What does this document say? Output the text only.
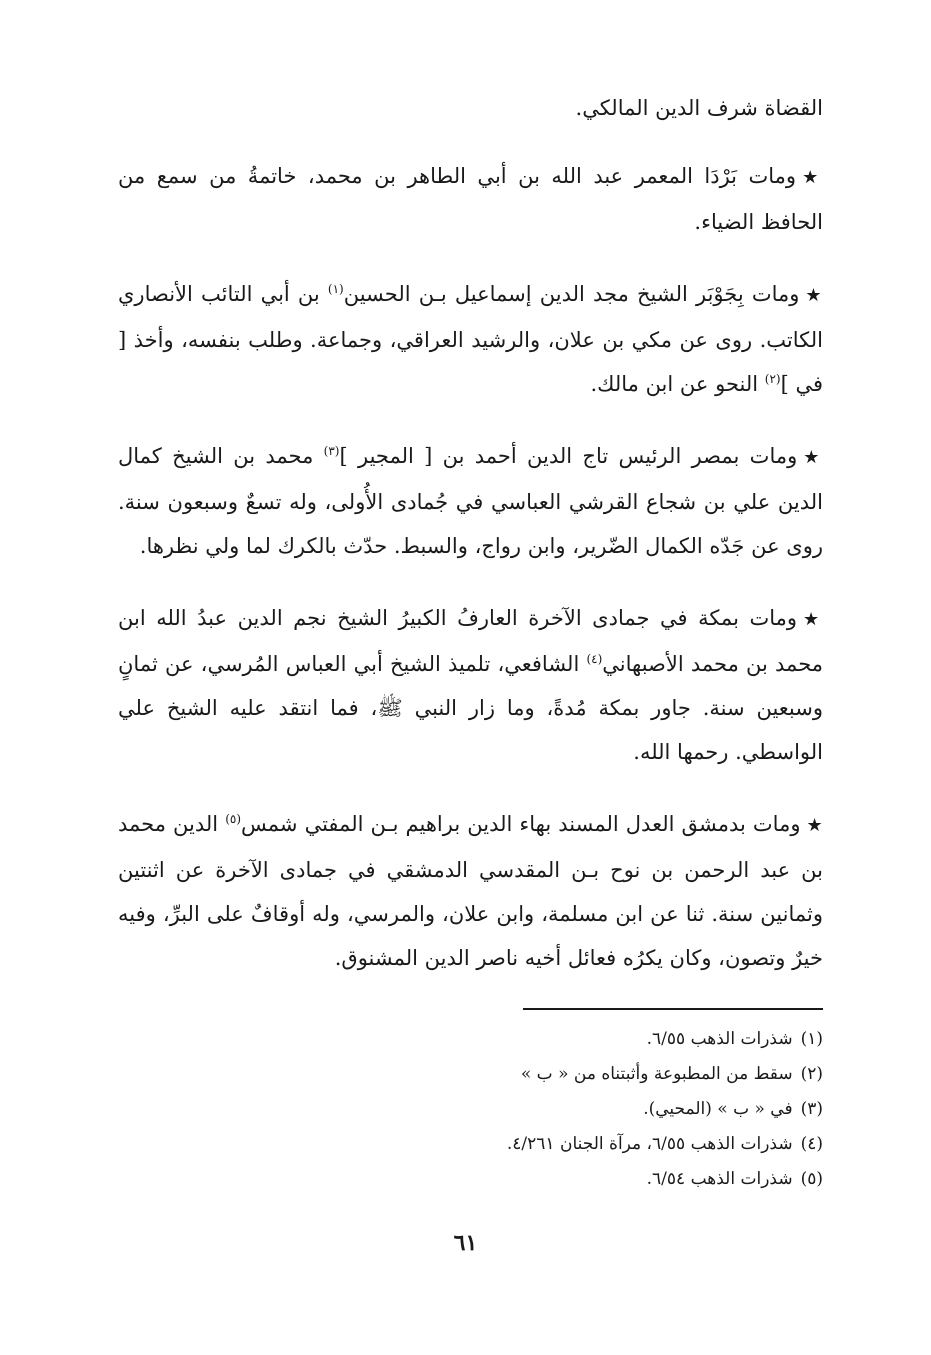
القضاة شرف الدين المالكي.

★ومات بَرْدَا المعمر عبد الله بن أبي الطاهر بن محمد، خاتمةُ من سمع من الحافظ الضياء.

★ومات بِجَوْبَر الشيخ مجد الدين إسماعيل بـن الحسين$^{(١)}$ بن أبي التائب الأنصاري الكاتب. روى عن مكي بن علان، والرشيد العراقي، وجماعة. وطلب بنفسه، وأخذ [ في ]$^{(٢)}$ النحو عن ابن مالك.

★ومات بمصر الرئيس تاج الدين أحمد بن [ المجير ]$^{(٣)}$ محمد بن الشيخ كمال الدين علي بن شجاع القرشي العباسي في جُمادى الأُولى، وله تسعٌ وسبعون سنة. روى عن جَدّه الكمال الضّرير، وابن رواج، والسبط. حدّث بالكرك لما ولي نظرها.

★ومات بمكة في جمادى الآخرة العارفُ الكبيرُ الشيخ نجم الدين عبدُ الله ابن محمد بن محمد الأصبهاني$^{(٤)}$ الشافعي، تلميذ الشيخ أبي العباس المُرسي، عن ثمانٍ وسبعين سنة. جاور بمكة مُدةً، وما زار النبي ﷺ، فما انتقد عليه الشيخ علي الواسطي. رحمها الله.

★ومات بدمشق العدل المسند بهاء الدين براهيم بـن المفتي شمس$^{(٥)}$ الدين محمد بن عبد الرحمن بن نوح بـن المقدسي الدمشقي في جمادى الآخرة عن اثنتين وثمانين سنة. ثنا عن ابن مسلمة، وابن علان، والمرسي، وله أوقافٌ على البرِّ، وفيه خيرٌ وتصون، وكان يكرُه فعائل أخيه ناصر الدين المشنوق.

(١)
شذرات الذهب ٦/٥٥.
(٢)
سقط من المطبوعة وأثبتناه من « ب »
(٣)
في « ب » (المحيي).
(٤)
شذرات الذهب ٦/٥٥، مرآة الجنان ٤/٢٦١.
(٥)
شذرات الذهب ٦/٥٤.
٦١
